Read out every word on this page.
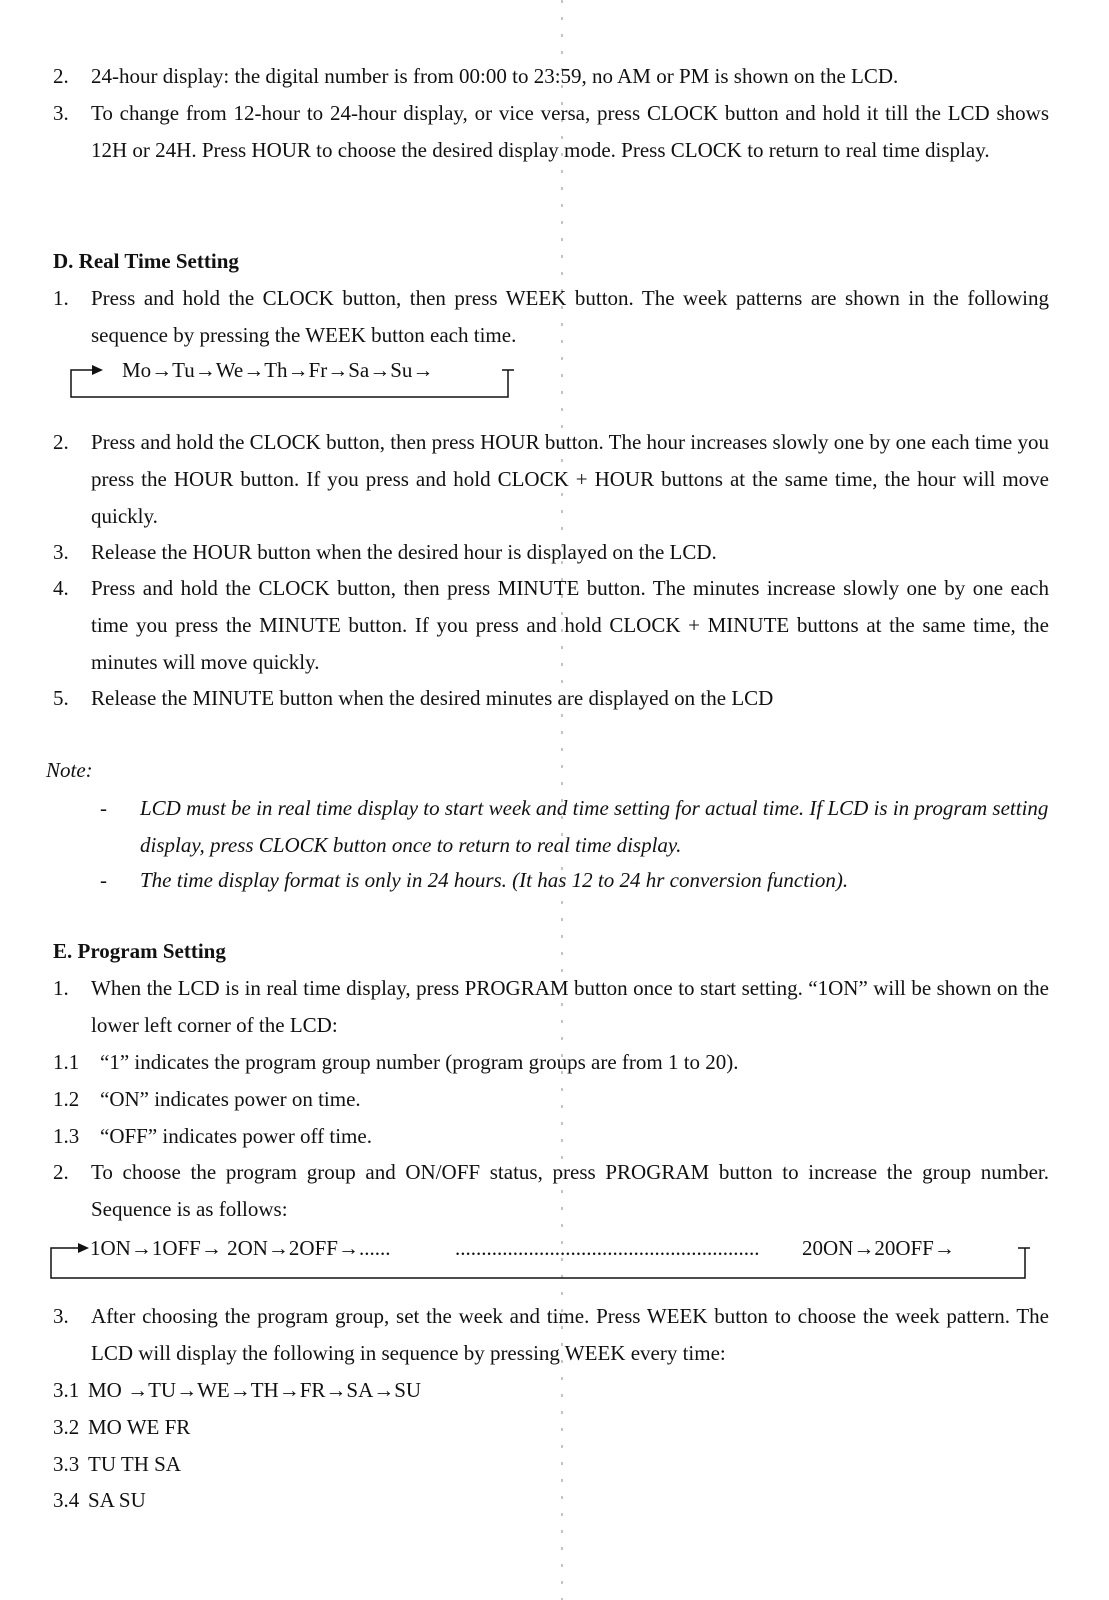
2. 24-hour display: the digital number is from 00:00 to 23:59, no AM or PM is shown on the LCD.
3. To change from 12-hour to 24-hour display, or vice versa, press CLOCK button and hold it till the LCD shows 12H or 24H. Press HOUR to choose the desired display mode. Press CLOCK to return to real time display.
D. Real Time Setting
1. Press and hold the CLOCK button, then press WEEK button. The week patterns are shown in the following sequence by pressing the WEEK button each time.
Mo→Tu→We→Th→Fr→Sa→Su→
2. Press and hold the CLOCK button, then press HOUR button. The hour increases slowly one by one each time you press the HOUR button. If you press and hold CLOCK + HOUR buttons at the same time, the hour will move quickly.
3. Release the HOUR button when the desired hour is displayed on the LCD.
4. Press and hold the CLOCK button, then press MINUTE button. The minutes increase slowly one by one each time you press the MINUTE button. If you press and hold CLOCK + MINUTE buttons at the same time, the minutes will move quickly.
5. Release the MINUTE button when the desired minutes are displayed on the LCD
Note:
- LCD must be in real time display to start week and time setting for actual time. If LCD is in program setting display, press CLOCK button once to return to real time display.
- The time display format is only in 24 hours. (It has 12 to 24 hr conversion function).
E. Program Setting
1. When the LCD is in real time display, press PROGRAM button once to start setting. “1ON” will be shown on the lower left corner of the LCD:
1.1 “1” indicates the program group number (program groups are from 1 to 20).
1.2 “ON” indicates power on time.
1.3 “OFF” indicates power off time.
2. To choose the program group and ON/OFF status, press PROGRAM button to increase the group number. Sequence is as follows:
1ON→1OFF→ 2ON→2OFF→......	..........................................................	20ON→20OFF→
3. After choosing the program group, set the week and time. Press WEEK button to choose the week pattern. The LCD will display the following in sequence by pressing WEEK every time:
3.1 MO →TU→WE→TH→FR→SA→SU
3.2 MO WE FR
3.3 TU TH SA
3.4 SA SU
